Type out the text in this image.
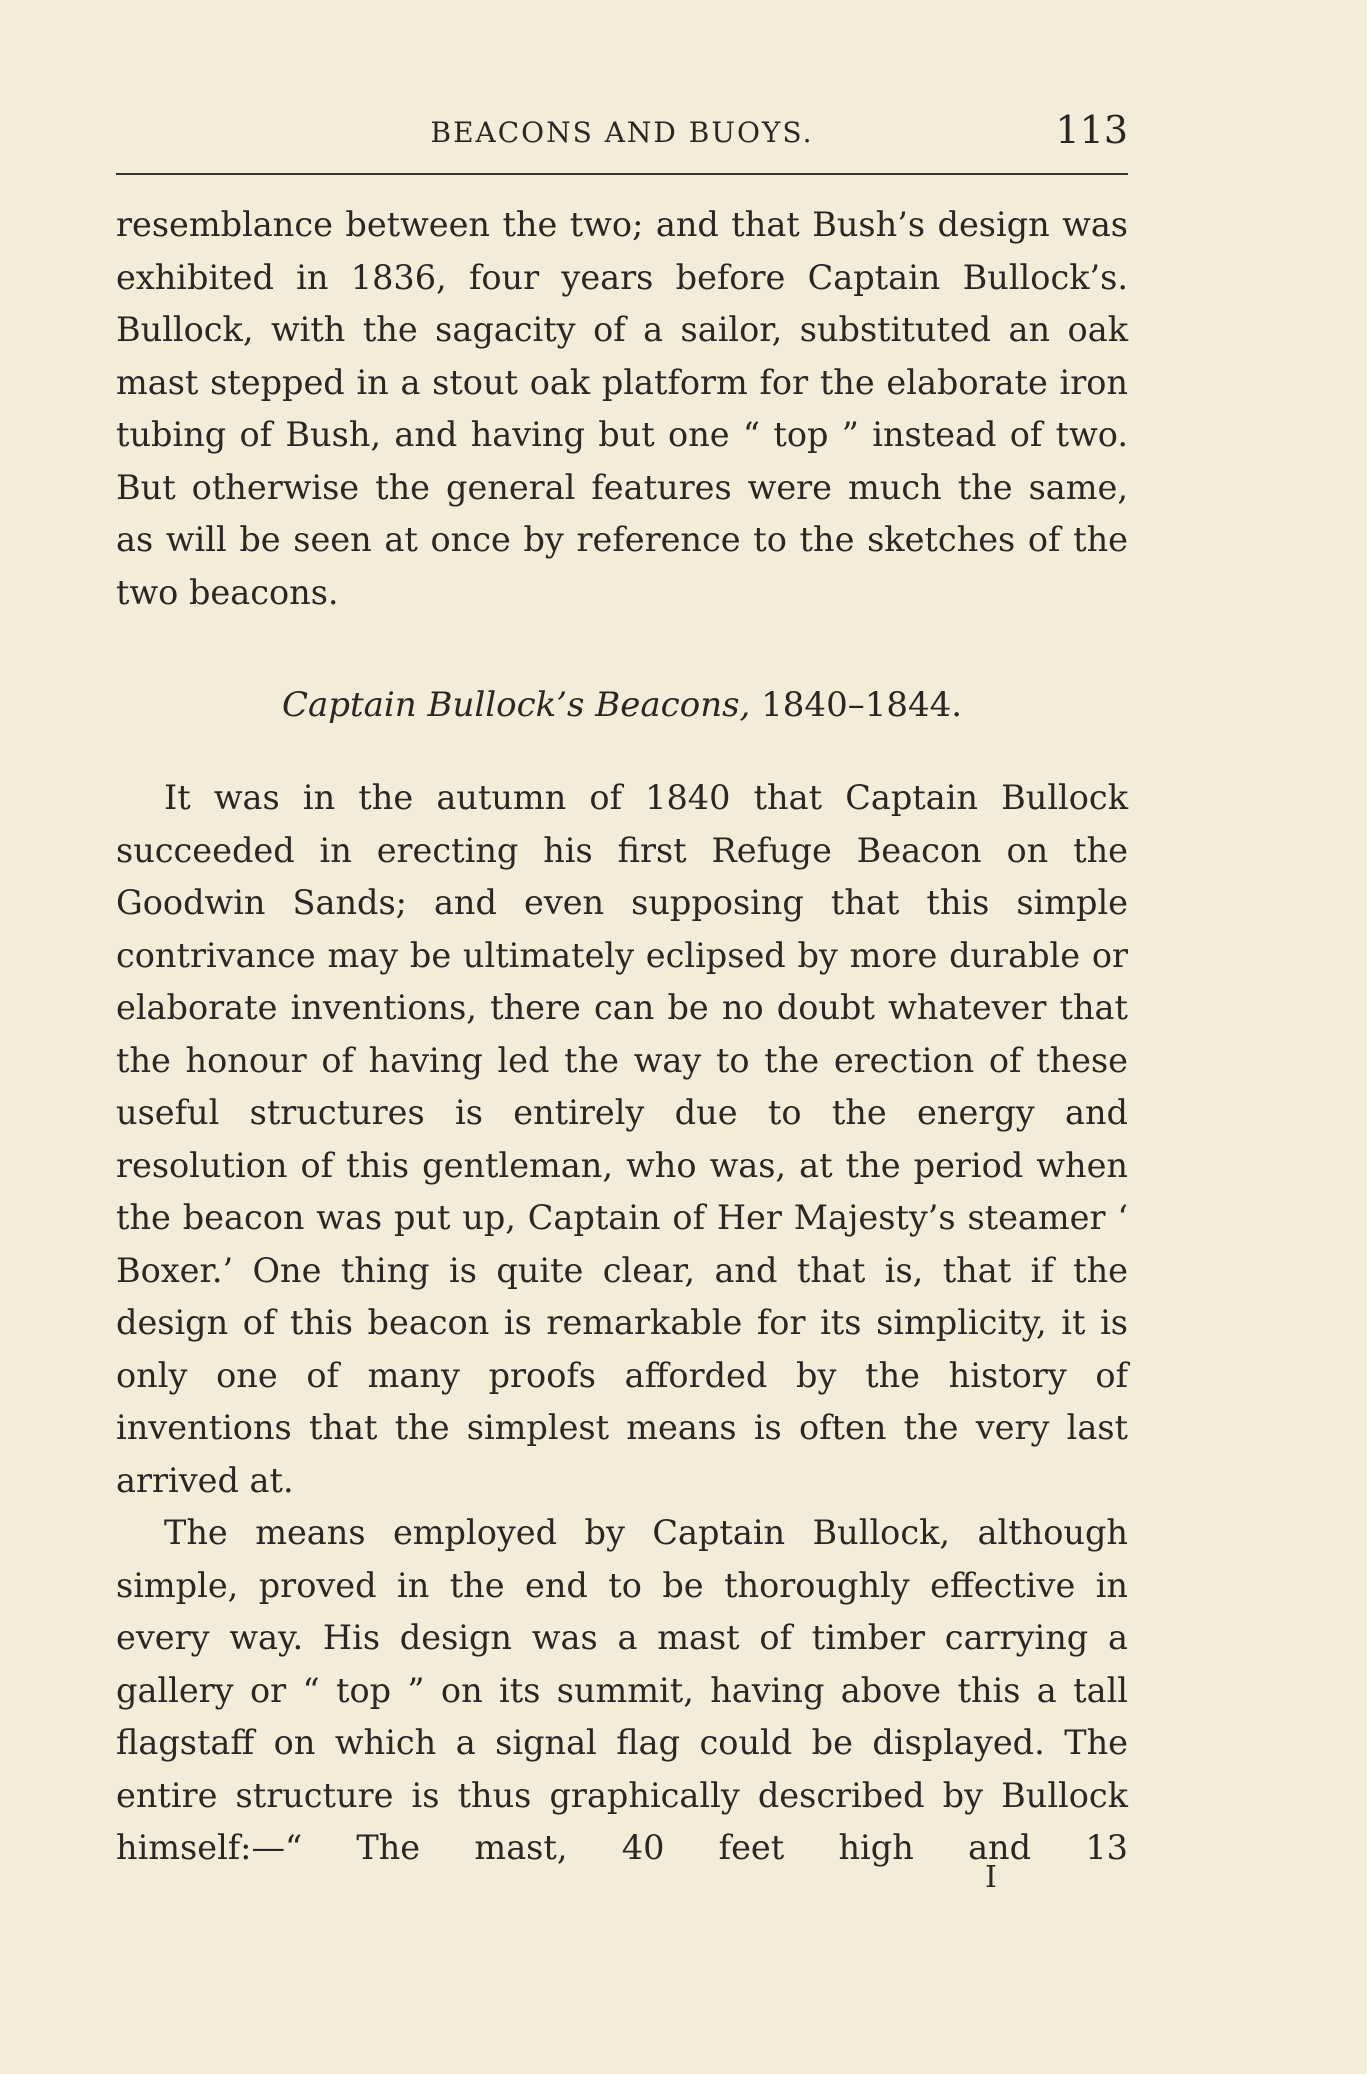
BEACONS AND BUOYS.	113

resemblance between the two; and that Bush’s design was exhibited in 1836, four years before Captain Bullock’s. Bullock, with the sagacity of a sailor, substituted an oak mast stepped in a stout oak platform for the elaborate iron tubing of Bush, and having but one “ top ” instead of two. But otherwise the general features were much the same, as will be seen at once by reference to the sketches of the two beacons.

Captain Bullock’s Beacons, 1840–1844.

It was in the autumn of 1840 that Captain Bullock succeeded in erecting his first Refuge Beacon on the Goodwin Sands; and even supposing that this simple contrivance may be ultimately eclipsed by more durable or elaborate inventions, there can be no doubt whatever that the honour of having led the way to the erection of these useful structures is entirely due to the energy and resolution of this gentleman, who was, at the period when the beacon was put up, Captain of Her Majesty’s steamer ‘ Boxer.’ One thing is quite clear, and that is, that if the design of this beacon is remarkable for its simplicity, it is only one of many proofs afforded by the history of inventions that the simplest means is often the very last arrived at.

The means employed by Captain Bullock, although simple, proved in the end to be thoroughly effective in every way. His design was a mast of timber carrying a gallery or “ top ” on its summit, having above this a tall flagstaff on which a signal flag could be displayed. The entire structure is thus graphically described by Bullock himself:—“ The mast, 40 feet high and 13

I
